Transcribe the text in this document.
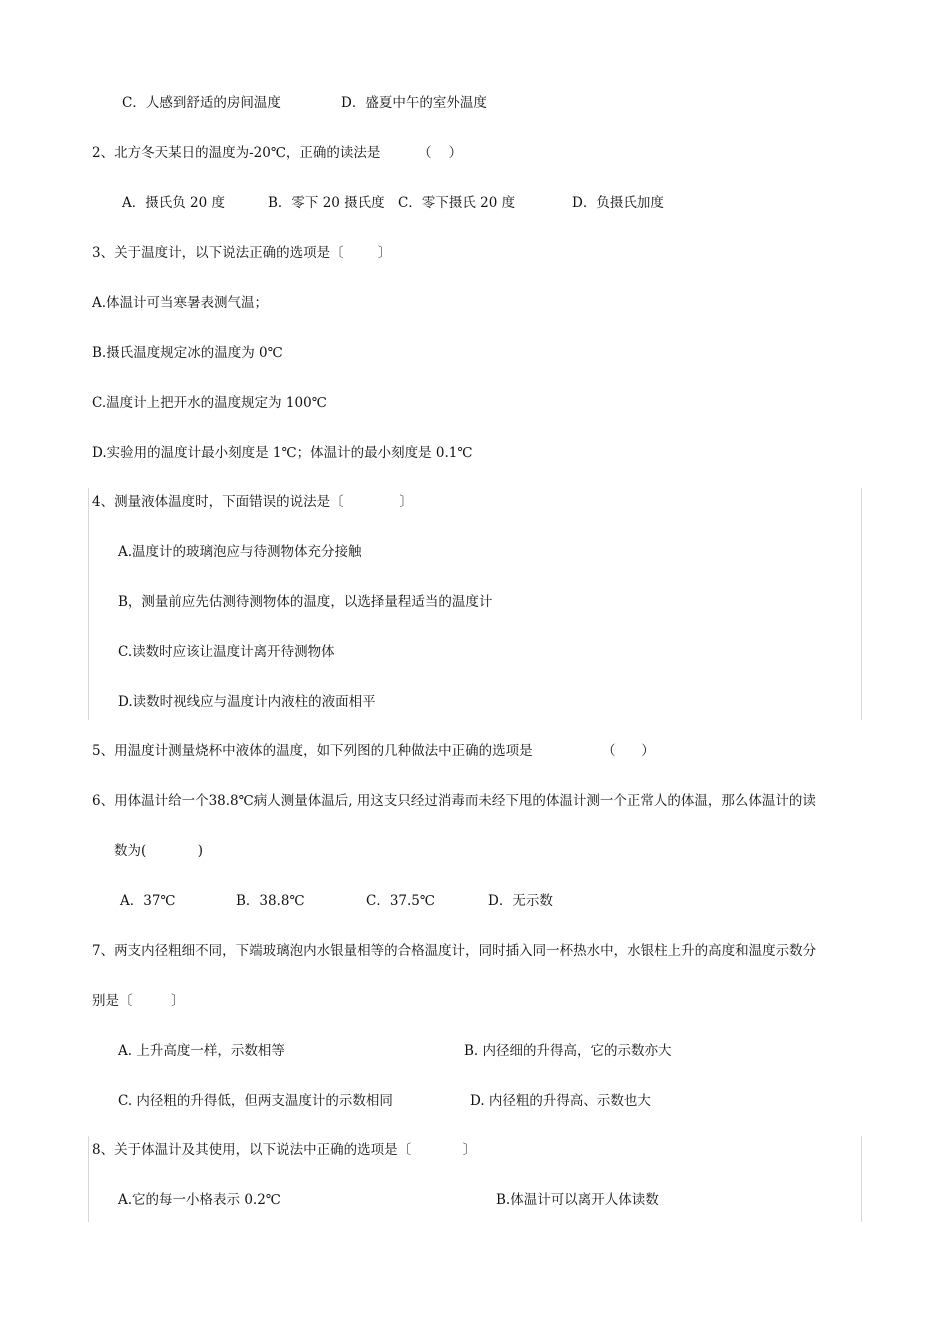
C．人感到舒适的房间温度	D．盛夏中午的室外温度
2、北方冬天某日的温度为-20℃，正确的读法是	（    ）
A．摄氏负 20 度	B．零下 20 摄氏度 C．零下摄氏 20 度	D．负摄氏加度
3、关于温度计，以下说法正确的选项是〔        〕
A.体温计可当寒暑表测气温；
B.摄氏温度规定冰的温度为 0℃
C.温度计上把开水的温度规定为 100℃
D.实验用的温度计最小刻度是 1℃；体温计的最小刻度是 0.1℃
4、测量液体温度时，下面错误的说法是〔             〕
A.温度计的玻璃泡应与待测物体充分接触
B，测量前应先估测待测物体的温度，以选择量程适当的温度计
C.读数时应该让温度计离开待测物体
D.读数时视线应与温度计内液柱的液面相平
5、用温度计测量烧杯中液体的温度，如下列图的几种做法中正确的选项是	（      ）
6、用体温计给一个38.8℃病人测量体温后, 用这支只经过消毒而未经下甩的体温计测一个正常人的体温，那么体温计的读
数为(            )
A．37℃	B．38.8℃	C．37.5℃	D．无示数
7、两支内径粗细不同，下端玻璃泡内水银量相等的合格温度计，同时插入同一杯热水中，水银柱上升的高度和温度示数分
别是〔         〕
A. 上升高度一样，示数相等	B. 内径细的升得高，它的示数亦大
C. 内径粗的升得低，但两支温度计的示数相同	D. 内径粗的升得高、示数也大
8、关于体温计及其使用，以下说法中正确的选项是〔            〕
A.它的每一小格表示 0.2℃	B.体温计可以离开人体读数
